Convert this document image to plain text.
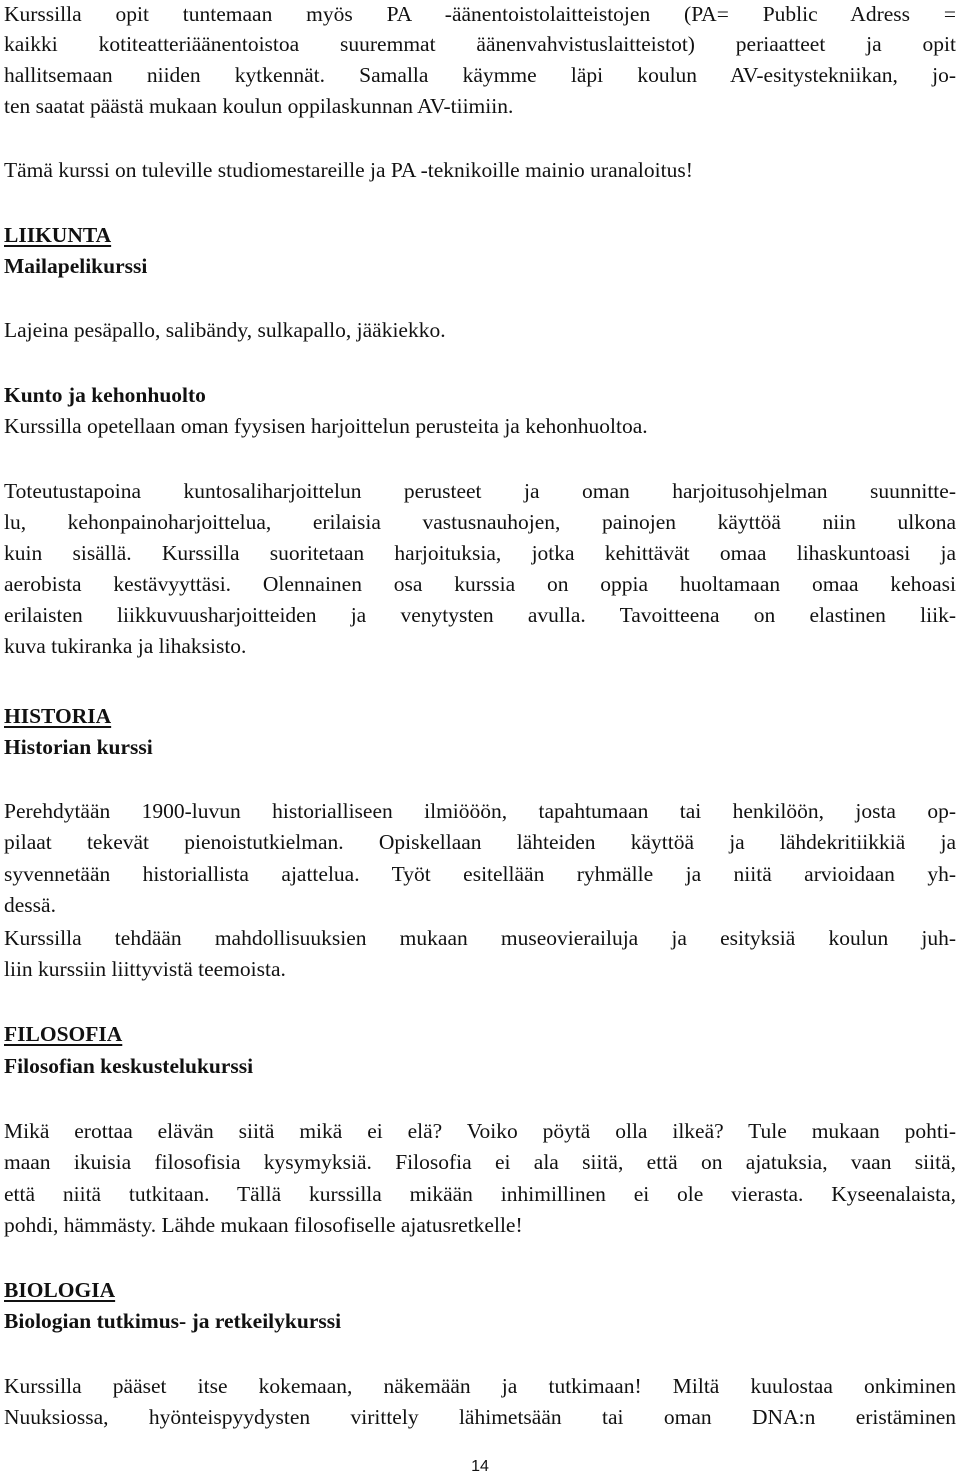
Kurssilla opit tuntemaan myös PA -äänentoistolaitteistojen (PA= Public Adress =
kaikki kotiteatteriäänentoistoa suuremmat äänenvahvistuslaitteistot) periaatteet ja opit
hallitsemaan niiden kytkennät. Samalla käymme läpi koulun AV-esitystekniikan, jo-
ten saatat päästä mukaan koulun oppilaskunnan AV-tiimiin.
Tämä kurssi on tuleville studiomestareille ja PA -teknikoille mainio uranaloitus!
LIIKUNTA
Mailapelikurssi
Lajeina pesäpallo, salibändy, sulkapallo, jääkiekko.
Kunto ja kehonhuolto
Kurssilla opetellaan oman fyysisen harjoittelun perusteita ja kehonhuoltoa.
Toteutustapoina kuntosaliharjoittelun perusteet ja oman harjoitusohjelman suunnitte-
lu, kehonpainoharjoittelua, erilaisia vastusnauhojen, painojen käyttöä niin ulkona
kuin sisällä. Kurssilla suoritetaan harjoituksia, jotka kehittävät omaa lihaskuntoasi ja
aerobista kestävyyttäsi. Olennainen osa kurssia on oppia huoltamaan omaa kehoasi
erilaisten liikkuvuusharjoitteiden ja venytysten avulla. Tavoitteena on elastinen liik-
kuva tukiranka ja lihaksisto.
HISTORIA
Historian kurssi
Perehdytään 1900-luvun historialliseen ilmiööön, tapahtumaan tai henkilöön, josta op-
pilaat tekevät pienoistutkielman. Opiskellaan lähteiden käyttöä ja lähdekritiikkiä ja
syvennetään historiallista ajattelua. Työt esitellään ryhmälle ja niitä arvioidaan yh-
dessä.
Kurssilla tehdään mahdollisuuksien mukaan museovierailuja ja esityksiä koulun juh-
liin kurssiin liittyvistä teemoista.
FILOSOFIA
Filosofian keskustelukurssi
Mikä erottaa elävän siitä mikä ei elä? Voiko pöytä olla ilkeä? Tule mukaan pohti-
maan ikuisia filosofisia kysymyksiä. Filosofia ei ala siitä, että on ajatuksia, vaan siitä,
että niitä tutkitaan. Tällä kurssilla mikään inhimillinen ei ole vierasta. Kyseenalaista,
pohdi, hämmästy. Lähde mukaan filosofiselle ajatusretkelle!
BIOLOGIA
Biologian tutkimus- ja retkeilykurssi
Kurssilla pääset itse kokemaan, näkemään ja tutkimaan! Miltä kuulostaa onkiminen
Nuuksiossa, hyönteispyydysten virittely lähimetsään tai oman DNA:n eristäminen
14
